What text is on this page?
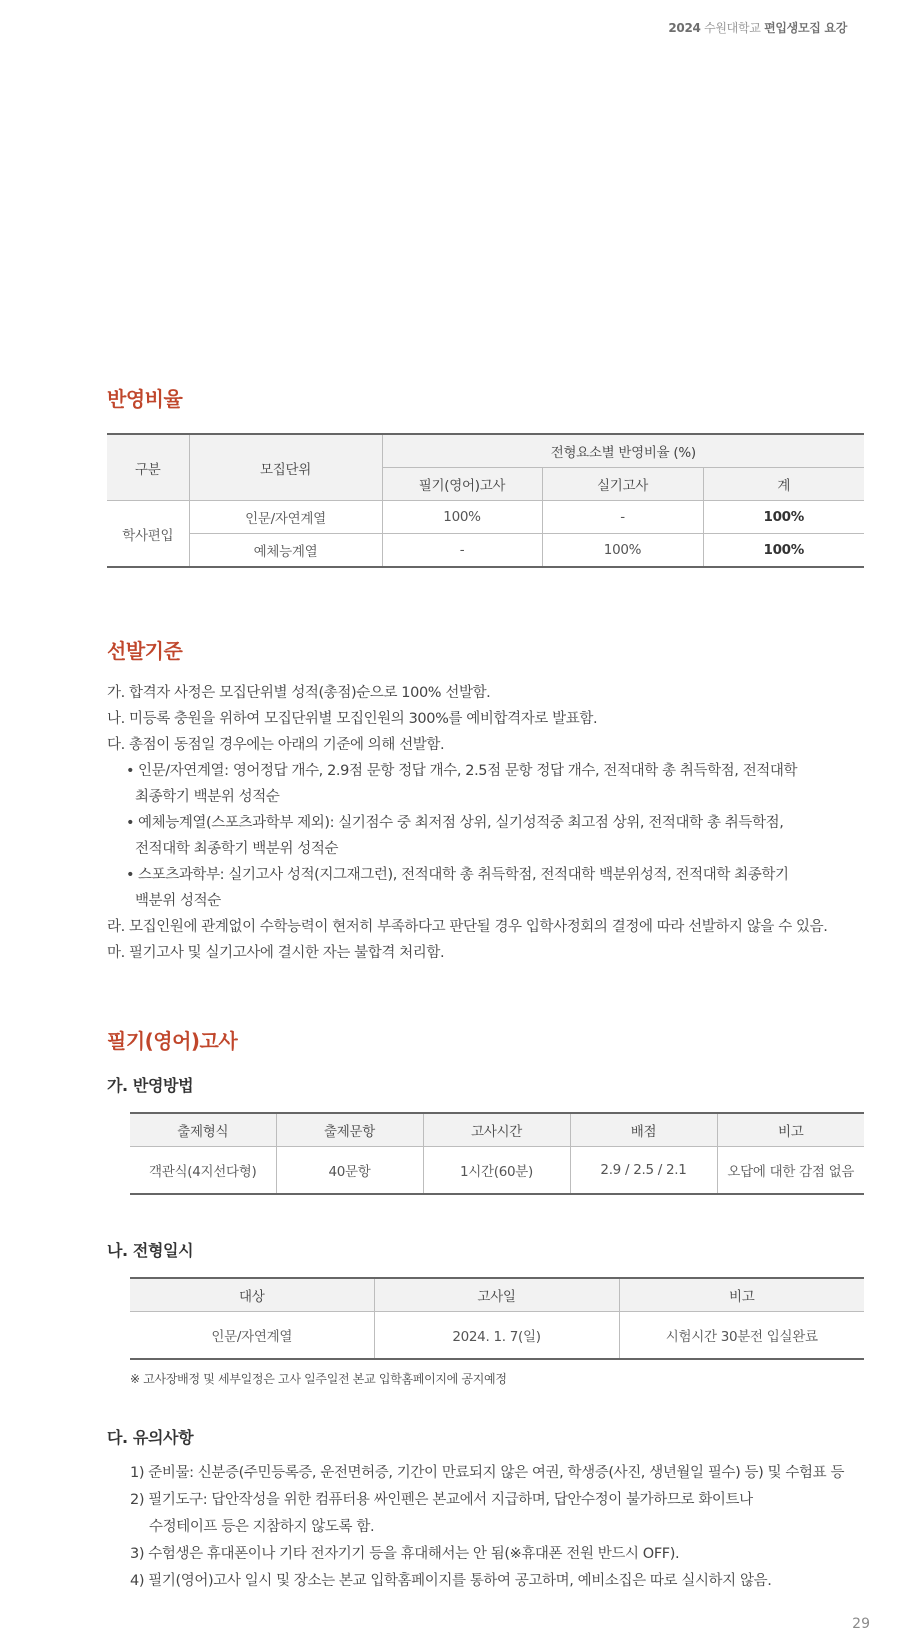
2024 수원대학교 편입생모집 요강
반영비율
구분	모집단위	전형요소별 반영비율 (%)		
		필기(영어)고사	실기고사	계
학사편입	인문/자연계열	100%	-	100%
	예체능계열	-	100%	100%
선발기준

가. 합격자 사정은 모집단위별 성적(총점)순으로 100% 선발함.

나. 미등록 충원을 위하여 모집단위별 모집인원의 300%를 예비합격자로 발표함.

다. 총점이 동점일 경우에는 아래의 기준에 의해 선발함.

• 인문/자연계열: 영어정답 개수, 2.9점 문항 정답 개수, 2.5점 문항 정답 개수, 전적대학 총 취득학점, 전적대학

최종학기 백분위 성적순

• 예체능계열(스포츠과학부 제외): 실기점수 중 최저점 상위, 실기성적중 최고점 상위, 전적대학 총 취득학점,

전적대학 최종학기 백분위 성적순

• 스포츠과학부: 실기고사 성적(지그재그런), 전적대학 총 취득학점, 전적대학 백분위성적, 전적대학 최종학기

백분위 성적순

라. 모집인원에 관계없이 수학능력이 현저히 부족하다고 판단될 경우 입학사정회의 결정에 따라 선발하지 않을 수 있음.

마. 필기고사 및 실기고사에 결시한 자는 불합격 처리함.

필기(영어)고사
가. 반영방법
출제형식	출제문항	고사시간	배점	비고
객관식(4지선다형)	40문항	1시간(60분)	2.9 / 2.5 / 2.1	오답에 대한 감점 없음
나. 전형일시
대상	고사일	비고
인문/자연계열	2024. 1. 7(일)	시험시간 30분전 입실완료
※ 고사장배정 및 세부일정은 고사 일주일전 본교 입학홈페이지에 공지예정
다. 유의사항

1) 준비물: 신분증(주민등록증, 운전면허증, 기간이 만료되지 않은 여권, 학생증(사진, 생년월일 필수) 등) 및 수험표 등

2) 필기도구: 답안작성을 위한 컴퓨터용 싸인펜은 본교에서 지급하며, 답안수정이 불가하므로 화이트나

수정테이프 등은 지참하지 않도록 함.

3) 수험생은 휴대폰이나 기타 전자기기 등을 휴대해서는 안 됨(※휴대폰 전원 반드시 OFF).

4) 필기(영어)고사 일시 및 장소는 본교 입학홈페이지를 통하여 공고하며, 예비소집은 따로 실시하지 않음.

29
